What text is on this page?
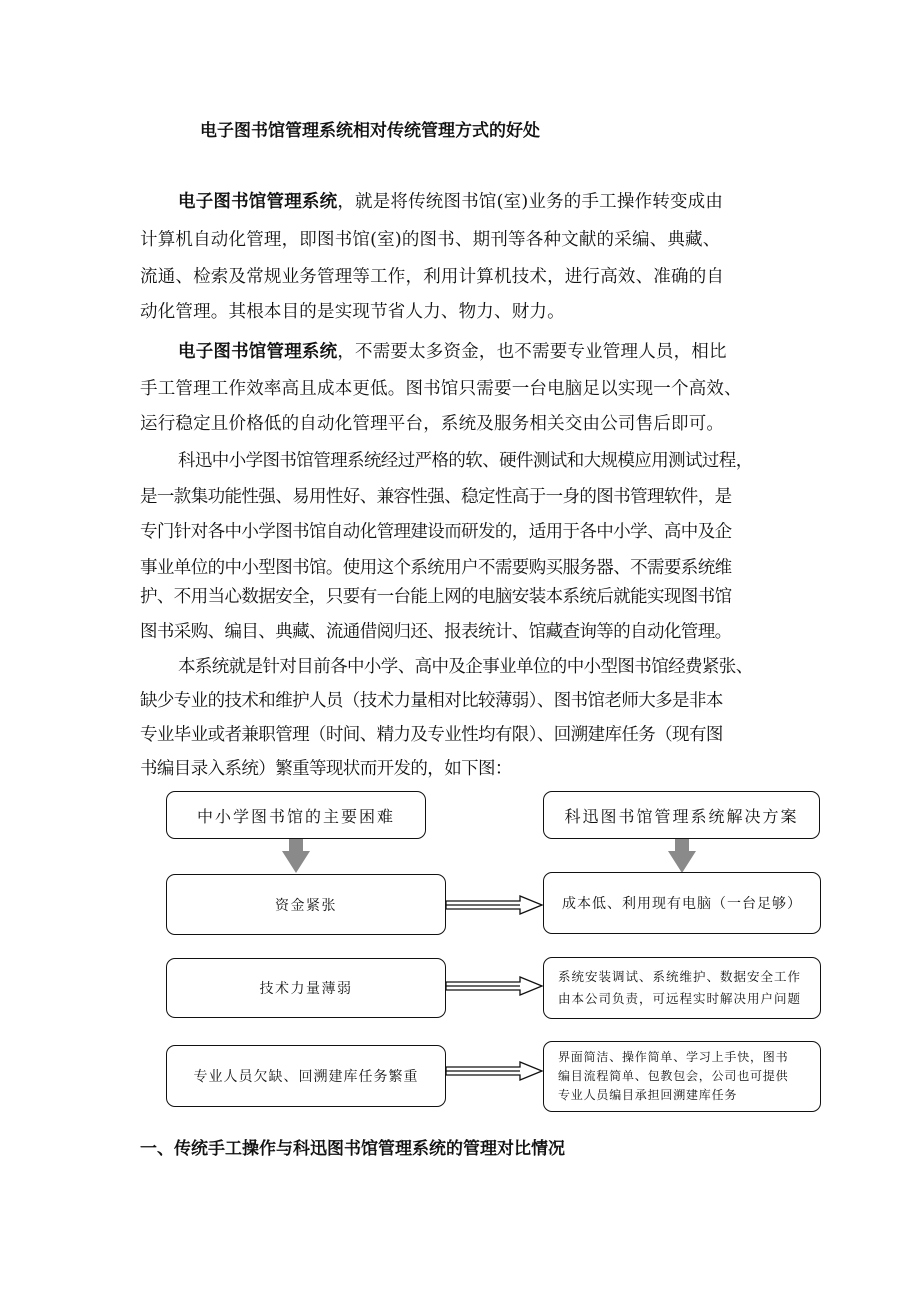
电子图书馆管理系统相对传统管理方式的好处
电子图书馆管理系统，就是将传统图书馆(室)业务的手工操作转变成由
计算机自动化管理，即图书馆(室)的图书、期刊等各种文献的采编、典藏、
流通、检索及常规业务管理等工作，利用计算机技术，进行高效、准确的自
动化管理。其根本目的是实现节省人力、物力、财力。
电子图书馆管理系统，不需要太多资金，也不需要专业管理人员，相比
手工管理工作效率高且成本更低。图书馆只需要一台电脑足以实现一个高效、
运行稳定且价格低的自动化管理平台，系统及服务相关交由公司售后即可。
科迅中小学图书馆管理系统经过严格的软、硬件测试和大规模应用测试过程，
是一款集功能性强、易用性好、兼容性强、稳定性高于一身的图书管理软件，是
专门针对各中小学图书馆自动化管理建设而研发的，适用于各中小学、高中及企
事业单位的中小型图书馆。使用这个系统用户不需要购买服务器、不需要系统维
护、不用当心数据安全，只要有一台能上网的电脑安装本系统后就能实现图书馆
图书采购、编目、典藏、流通借阅归还、报表统计、馆藏查询等的自动化管理。
本系统就是针对目前各中小学、高中及企事业单位的中小型图书馆经费紧张、
缺少专业的技术和维护人员（技术力量相对比较薄弱）、图书馆老师大多是非本
专业毕业或者兼职管理（时间、精力及专业性均有限）、回溯建库任务（现有图
书编目录入系统）繁重等现状而开发的，如下图：
中小学图书馆的主要困难	科迅图书馆管理系统解决方案
资金紧张	成本低、利用现有电脑（一台足够）
技术力量薄弱
系统安装调试、系统维护、数据安全工作
由本公司负责，可远程实时解决用户问题
专业人员欠缺、回溯建库任务繁重
界面简洁、操作简单、学习上手快，图书
编目流程简单、包教包会，公司也可提供
专业人员编目承担回溯建库任务
一、传统手工操作与科迅图书馆管理系统的管理对比情况
